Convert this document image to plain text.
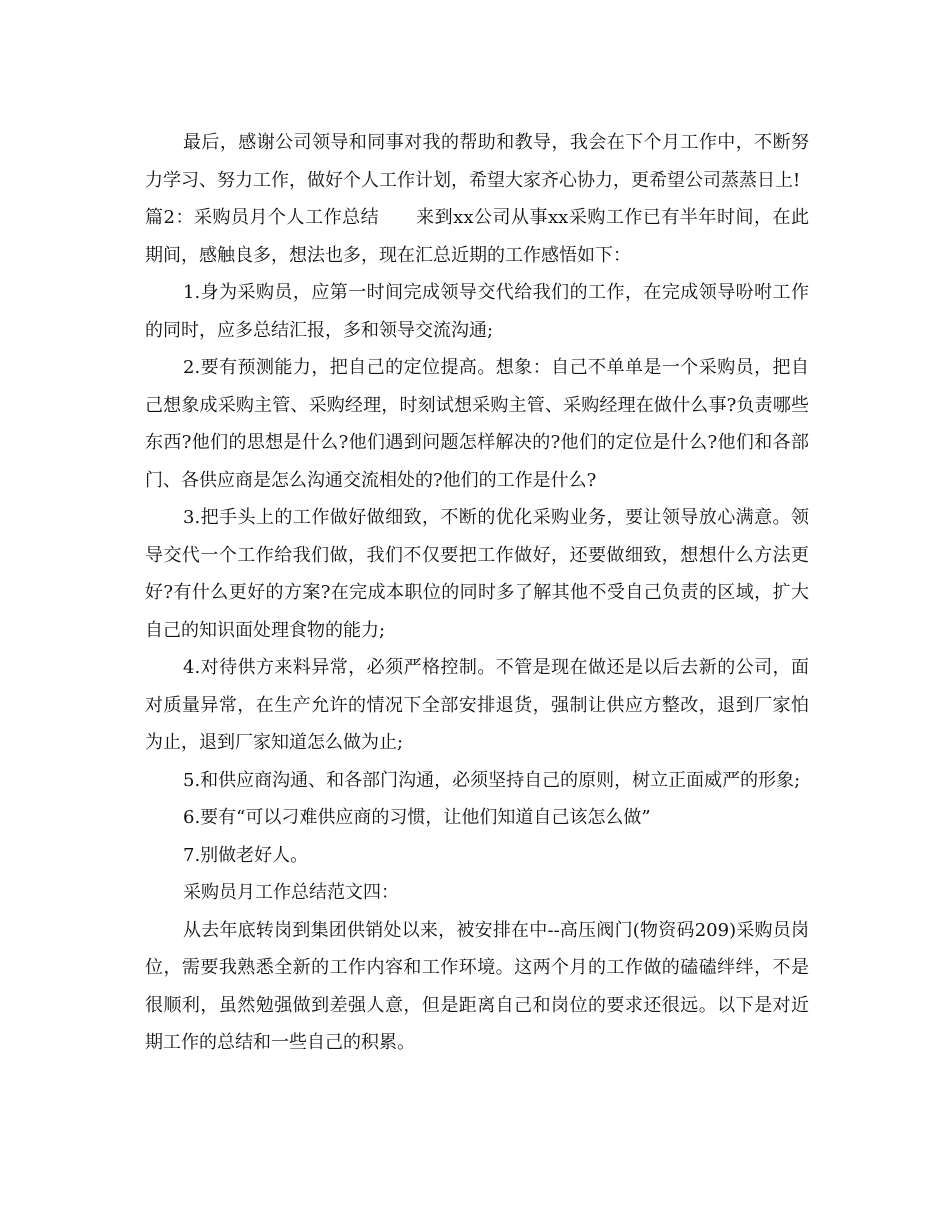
最后，感谢公司领导和同事对我的帮助和教导，我会在下个月工作中，不断努力学习、努力工作，做好个人工作计划，希望大家齐心协力，更希望公司蒸蒸日上!

篇2：采购员月个人工作总结　　来到xx公司从事xx采购工作已有半年时间，在此期间，感触良多，想法也多，现在汇总近期的工作感悟如下：

1.身为采购员，应第一时间完成领导交代给我们的工作，在完成领导吩咐工作的同时，应多总结汇报，多和领导交流沟通;

2.要有预测能力，把自己的定位提高。想象：自己不单单是一个采购员，把自己想象成采购主管、采购经理，时刻试想采购主管、采购经理在做什么事?负责哪些东西?他们的思想是什么?他们遇到问题怎样解决的?他们的定位是什么?他们和各部门、各供应商是怎么沟通交流相处的?他们的工作是什么?

3.把手头上的工作做好做细致，不断的优化采购业务，要让领导放心满意。领导交代一个工作给我们做，我们不仅要把工作做好，还要做细致，想想什么方法更好?有什么更好的方案?在完成本职位的同时多了解其他不受自己负责的区域，扩大自己的知识面处理食物的能力;

4.对待供方来料异常，必须严格控制。不管是现在做还是以后去新的公司，面对质量异常，在生产允许的情况下全部安排退货，强制让供应方整改，退到厂家怕为止，退到厂家知道怎么做为止;

5.和供应商沟通、和各部门沟通，必须坚持自己的原则，树立正面威严的形象;

6.要有“可以刁难供应商的习惯，让他们知道自己该怎么做”

7.别做老好人。

采购员月工作总结范文四：

从去年底转岗到集团供销处以来，被安排在中--高压阀门(物资码209)采购员岗位，需要我熟悉全新的工作内容和工作环境。这两个月的工作做的磕磕绊绊，不是很顺利，虽然勉强做到差强人意，但是距离自己和岗位的要求还很远。以下是对近期工作的总结和一些自己的积累。
